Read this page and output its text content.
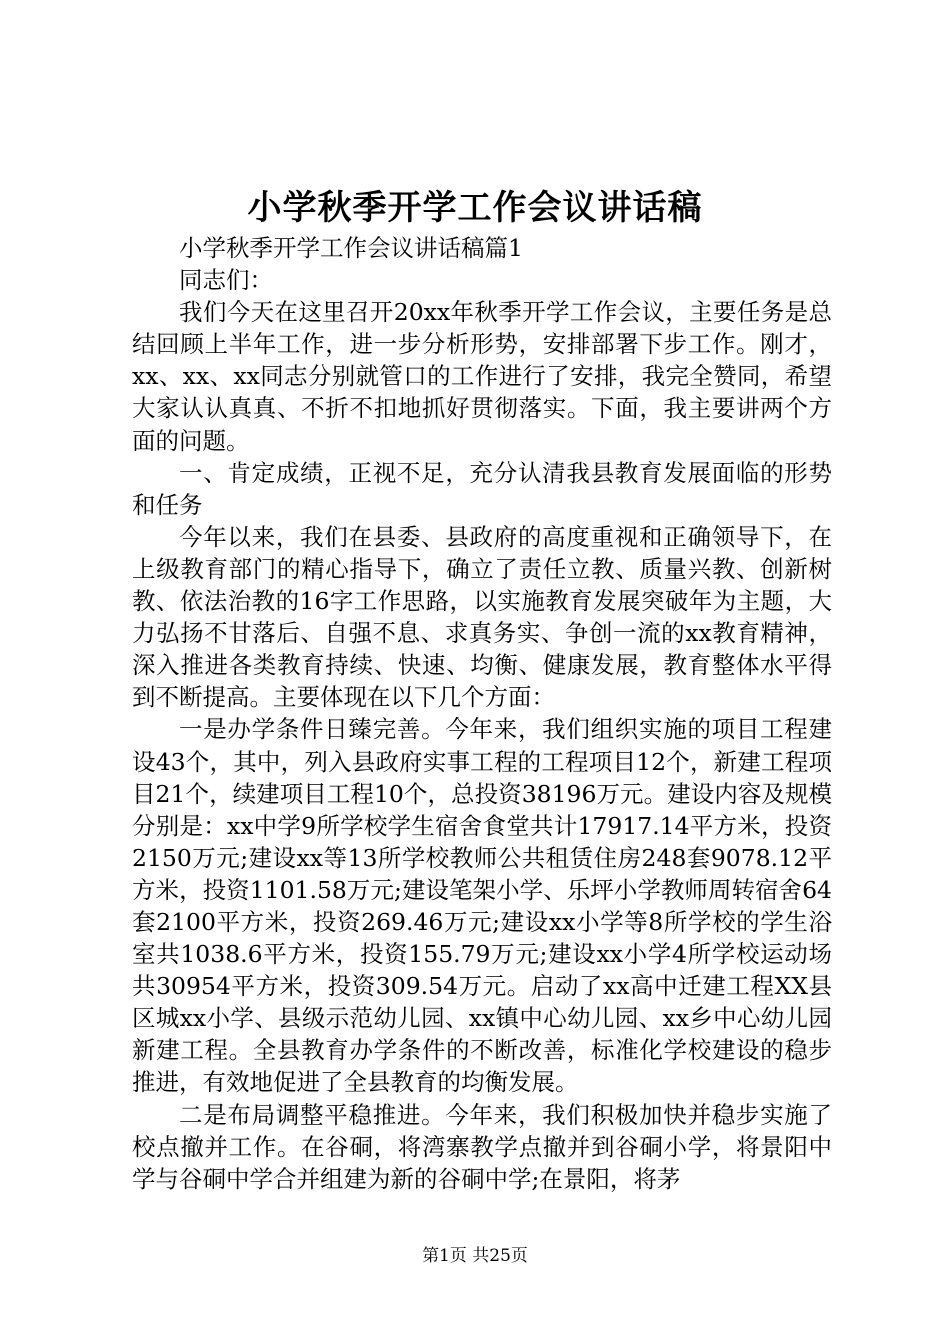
小学秋季开学工作会议讲话稿

小学秋季开学工作会议讲话稿篇1

同志们：

我们今天在这里召开20xx年秋季开学工作会议，主要任务是总结回顾上半年工作，进一步分析形势，安排部署下步工作。刚才，xx、xx、xx同志分别就管口的工作进行了安排，我完全赞同，希望大家认认真真、不折不扣地抓好贯彻落实。下面，我主要讲两个方面的问题。

一、肯定成绩，正视不足，充分认清我县教育发展面临的形势和任务

今年以来，我们在县委、县政府的高度重视和正确领导下，在上级教育部门的精心指导下，确立了责任立教、质量兴教、创新树教、依法治教的16字工作思路，以实施教育发展突破年为主题，大力弘扬不甘落后、自强不息、求真务实、争创一流的xx教育精神，深入推进各类教育持续、快速、均衡、健康发展，教育整体水平得到不断提高。主要体现在以下几个方面：

一是办学条件日臻完善。今年来，我们组织实施的项目工程建设43个，其中，列入县政府实事工程的工程项目12个，新建工程项目21个，续建项目工程10个，总投资38196万元。建设内容及规模分别是：xx中学9所学校学生宿舍食堂共计17917.14平方米，投资2150万元;建设xx等13所学校教师公共租赁住房248套9078.12平方米，投资1101.58万元;建设笔架小学、乐坪小学教师周转宿舍64套2100平方米，投资269.46万元;建设xx小学等8所学校的学生浴室共1038.6平方米，投资155.79万元;建设xx小学4所学校运动场共30954平方米，投资309.54万元。启动了xx高中迁建工程XX县区城xx小学、县级示范幼儿园、xx镇中心幼儿园、xx乡中心幼儿园新建工程。全县教育办学条件的不断改善，标准化学校建设的稳步推进，有效地促进了全县教育的均衡发展。

二是布局调整平稳推进。今年来，我们积极加快并稳步实施了校点撤并工作。在谷硐，将湾寨教学点撤并到谷硐小学，将景阳中学与谷硐中学合并组建为新的谷硐中学;在景阳，将茅

第1页 共25页
